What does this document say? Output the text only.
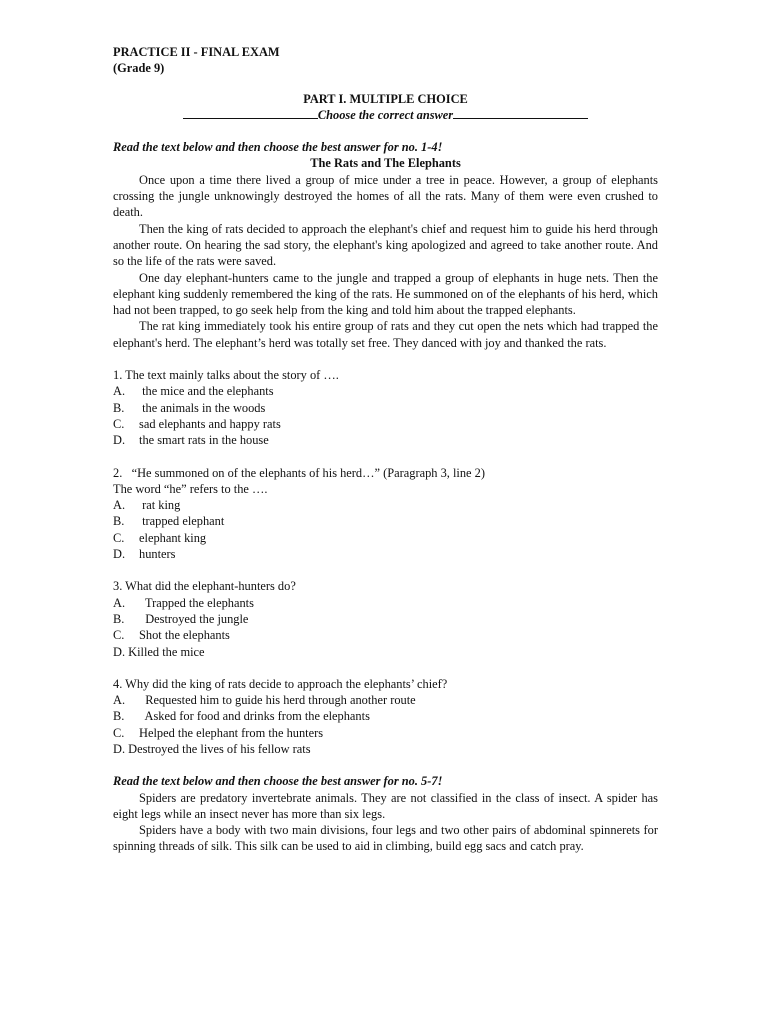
PRACTICE II - FINAL EXAM
(Grade 9)
PART I. MULTIPLE CHOICE
Choose the correct answer
Read the text below and then choose the best answer for no. 1-4!
The Rats and The Elephants

Once upon a time there lived a group of mice under a tree in peace. However, a group of elephants crossing the jungle unknowingly destroyed the homes of all the rats. Many of them were even crushed to death.

Then the king of rats decided to approach the elephant's chief and request him to guide his herd through another route. On hearing the sad story, the elephant's king apologized and agreed to take another route. And so the life of the rats were saved.

One day elephant-hunters came to the jungle and trapped a group of elephants in huge nets. Then the elephant king suddenly remembered the king of the rats. He summoned on of the elephants of his herd, which had not been trapped, to go seek help from the king and told him about the trapped elephants.

The rat king immediately took his entire group of rats and they cut open the nets which had trapped the elephant's herd. The elephant’s herd was totally set free. They danced with joy and thanked the rats.

1. The text mainly talks about the story of ….

A. the mice and the elephants

B. the animals in the woods

C. sad elephants and happy rats

D. the smart rats in the house

2.   “He summoned on of the elephants of his herd…” (Paragraph 3, line 2)

The word “he” refers to the ….

A. rat king

B. trapped elephant

C. elephant king

D. hunters

3. What did the elephant-hunters do?

A.  Trapped the elephants

B.  Destroyed the jungle

C. Shot the elephants

D. Killed the mice

4. Why did the king of rats decide to approach the elephants’ chief?

A.  Requested him to guide his herd through another route

B.  Asked for food and drinks from the elephants

C. Helped the elephant from the hunters

D. Destroyed the lives of his fellow rats

Read the text below and then choose the best answer for no. 5-7!

Spiders are predatory invertebrate animals. They are not classified in the class of insect. A spider has eight legs while an insect never has more than six legs.

Spiders have a body with two main divisions, four legs and two other pairs of abdominal spinnerets for spinning threads of silk. This silk can be used to aid in climbing, build egg sacs and catch pray.
